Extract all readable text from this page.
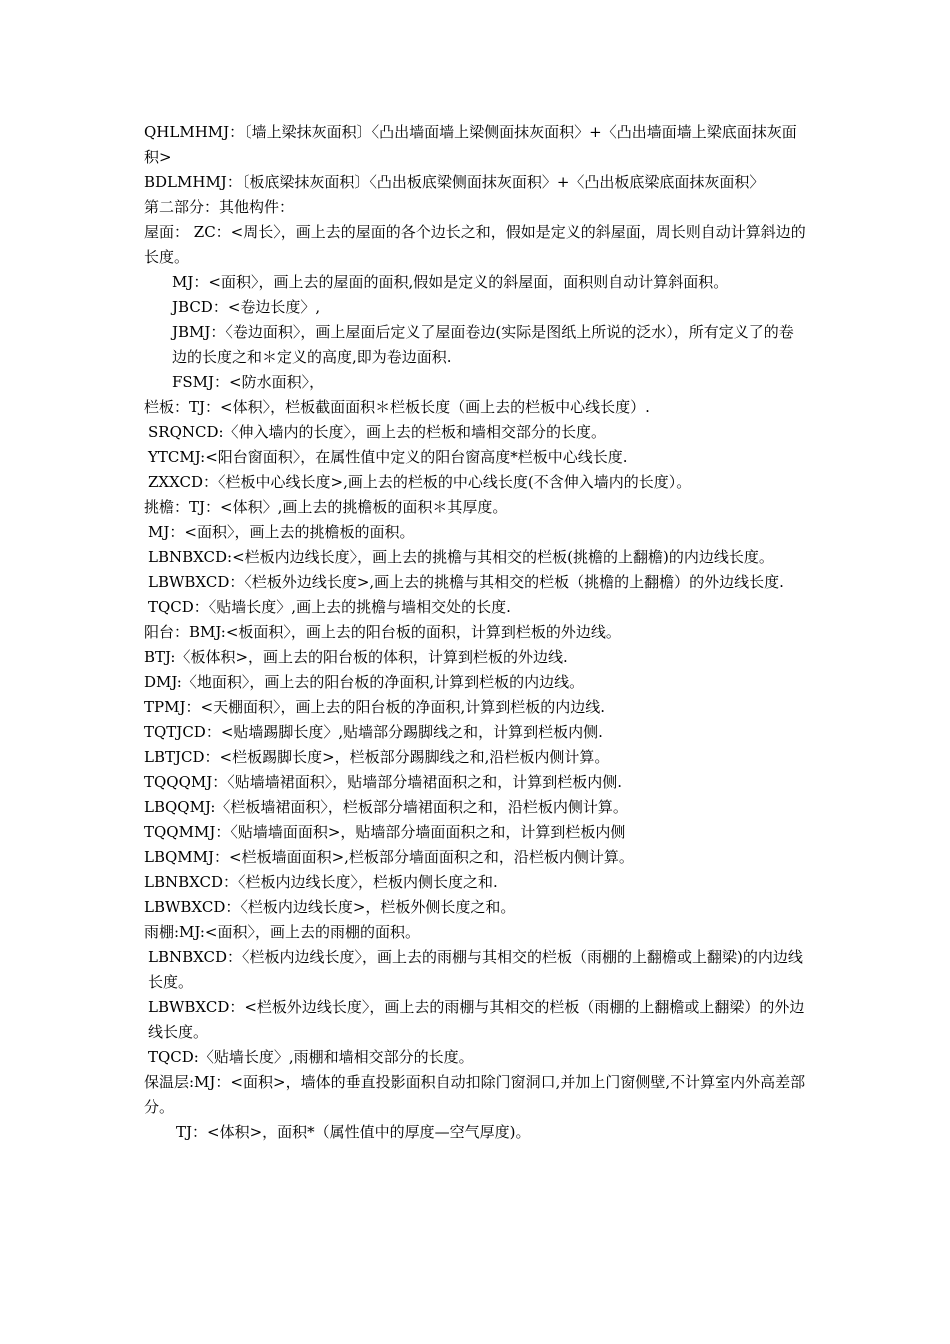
QHLMHMJ：〔墙上梁抹灰面积〕〈凸出墙面墙上梁侧面抹灰面积〉+〈凸出墙面墙上梁底面抹灰面积>

BDLMHMJ：〔板底梁抹灰面积〕〈凸出板底梁侧面抹灰面积〉+〈凸出板底梁底面抹灰面积〉

第二部分：其他构件：

屋面： ZC：<周长〉，画上去的屋面的各个边长之和，假如是定义的斜屋面，周长则自动计算斜边的长度。

MJ：<面积〉，画上去的屋面的面积,假如是定义的斜屋面，面积则自动计算斜面积。

JBCD：<卷边长度〉,

JBMJ：〈卷边面积〉，画上屋面后定义了屋面卷边(实际是图纸上所说的泛水），所有定义了的卷边的长度之和＊定义的高度,即为卷边面积.

FSMJ：<防水面积〉，

栏板：TJ：<体积〉，栏板截面面积＊栏板长度（画上去的栏板中心线长度）.

SRQNCD:〈伸入墙内的长度〉，画上去的栏板和墙相交部分的长度。

YTCMJ:<阳台窗面积〉，在属性值中定义的阳台窗高度*栏板中心线长度.

ZXXCD：〈栏板中心线长度>,画上去的栏板的中心线长度(不含伸入墙内的长度）。

挑檐：TJ：<体积〉,画上去的挑檐板的面积＊其厚度。

MJ：<面积〉，画上去的挑檐板的面积。

LBNBXCD:<栏板内边线长度〉，画上去的挑檐与其相交的栏板(挑檐的上翻檐)的内边线长度。

LBWBXCD：〈栏板外边线长度>,画上去的挑檐与其相交的栏板（挑檐的上翻檐）的外边线长度.

TQCD：〈贴墙长度〉,画上去的挑檐与墙相交处的长度.

阳台：BMJ:<板面积〉，画上去的阳台板的面积，计算到栏板的外边线。

BTJ:〈板体积>，画上去的阳台板的体积，计算到栏板的外边线.

DMJ:〈地面积〉，画上去的阳台板的净面积,计算到栏板的内边线。

TPMJ：<天棚面积〉，画上去的阳台板的净面积,计算到栏板的内边线.

TQTJCD：<贴墙踢脚长度〉,贴墙部分踢脚线之和，计算到栏板内侧.

LBTJCD：<栏板踢脚长度>，栏板部分踢脚线之和,沿栏板内侧计算。

TQQQMJ：〈贴墙墙裙面积〉，贴墙部分墙裙面积之和，计算到栏板内侧.

LBQQMJ:〈栏板墙裙面积〉，栏板部分墙裙面积之和，沿栏板内侧计算。

TQQMMJ：〈贴墙墙面面积>，贴墙部分墙面面积之和，计算到栏板内侧

LBQMMJ：<栏板墙面面积>,栏板部分墙面面积之和，沿栏板内侧计算。

LBNBXCD：〈栏板内边线长度〉，栏板内侧长度之和.

LBWBXCD：〈栏板内边线长度>，栏板外侧长度之和。

雨棚:MJ:<面积〉，画上去的雨棚的面积。

LBNBXCD：〈栏板内边线长度〉，画上去的雨棚与其相交的栏板（雨棚的上翻檐或上翻梁)的内边线长度。

LBWBXCD：<栏板外边线长度〉，画上去的雨棚与其相交的栏板（雨棚的上翻檐或上翻梁）的外边线长度。

TQCD:〈贴墙长度〉,雨棚和墙相交部分的长度。

保温层:MJ：<面积>，墙体的垂直投影面积自动扣除门窗洞口,并加上门窗侧壁,不计算室内外高差部分。

TJ：<体积>，面积*（属性值中的厚度—空气厚度)。
